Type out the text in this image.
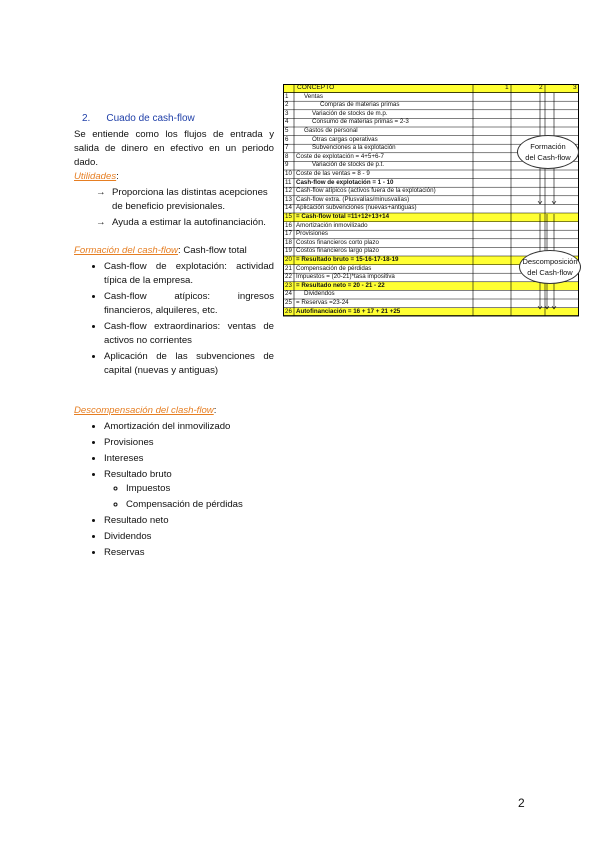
2. Cuado de cash-flow
Se entiende como los flujos de entrada y salida de dinero en efectivo en un periodo dado.
Utilidades:
→ Proporciona las distintas acepciones de beneficio previsionales.
→ Ayuda a estimar la autofinanciación.
Formación del cash-flow: Cash-flow total
• Cash-flow de explotación: actividad típica de la empresa.
• Cash-flow atípicos: ingresos financieros, alquileres, etc.
• Cash-flow extraordinarios: ventas de activos no corrientes
• Aplicación de las subvenciones de capital (nuevas y antiguas)
Descompensación del clash-flow:
• Amortización del inmovilizado
• Provisiones
• Intereses
• Resultado bruto
◦ Impuestos
◦ Compensación de pérdidas
• Resultado neto
• Dividendos
• Reservas
CONCEPTO	1	2	3
1	Ventas
2	Compras de materias primas
3	Variación de stocks de m.p.
4	Consumo de materias primas = 2-3
5	Gastos de personal
6	Otras cargas operativas
7	Subvenciones a la explotación
8	Coste de explotación = 4+5+6-7
9	Variación de stocks de p.t.
10 Coste de las ventas = 8 - 9
11 Cash-flow de explotación = 1 - 10
12 Cash-flow atípicos (activos fuera de la explotación)
13 Cash-flow extra. (Plusvalías/minusvalías)
14 Aplicación subvenciones (nuevas+antiguas)
15 = Cash-flow total =11+12+13+14
16 Amortización inmovilizado
17 Provisiones
18 Costos financieros corto plazo
19 Costos financieros largo plazo
20 = Resultado bruto = 15-16-17-18-19
21 Compensación de pérdidas
22 Impuestos = (20-21)*tasa impositiva
23 = Resultado neto = 20 - 21 - 22
24 Dividendos
25 = Reservas =23-24
26 Autofinanciación = 16 + 17 + 21 +25
Formación
del Cash-flow
Descomposición
del Cash-flow
2
